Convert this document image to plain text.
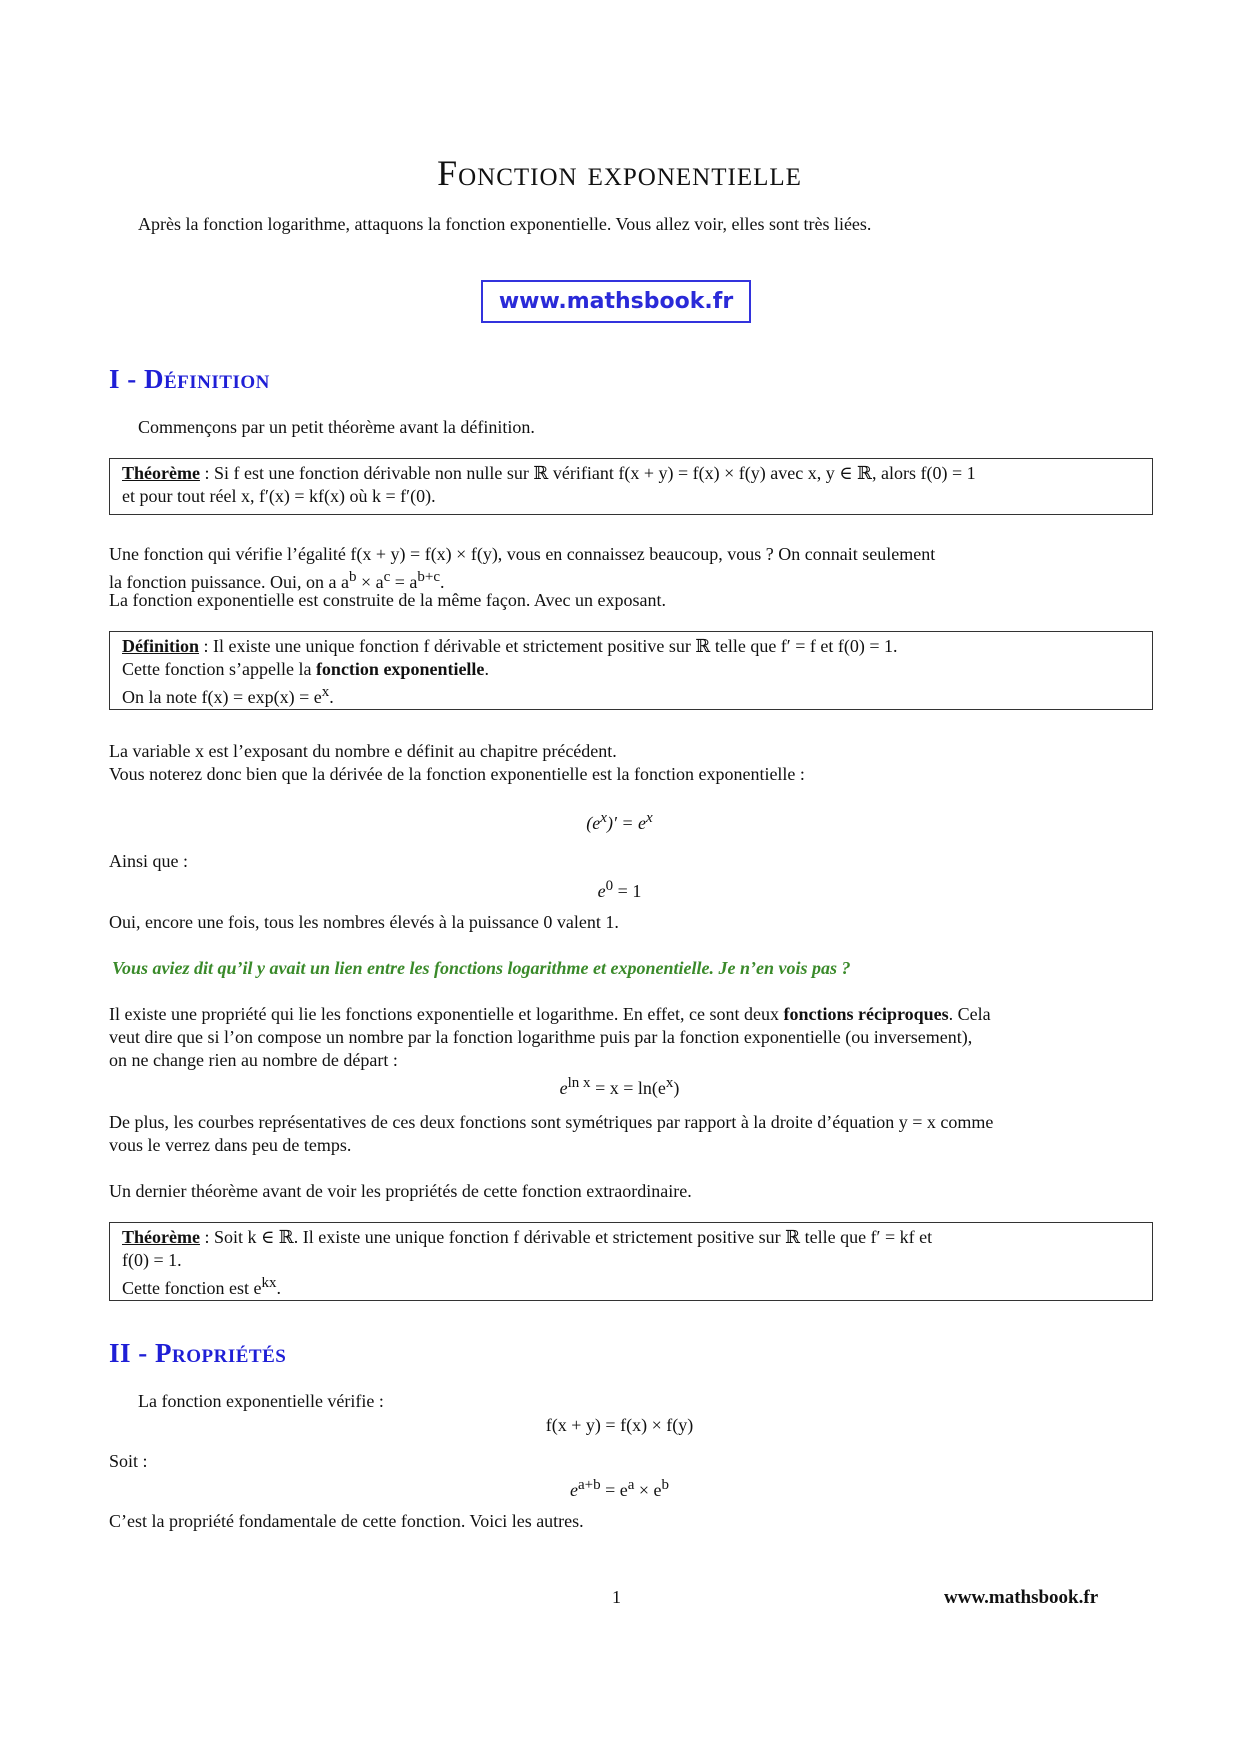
Fonction exponentielle
Après la fonction logarithme, attaquons la fonction exponentielle. Vous allez voir, elles sont très liées.
www.mathsbook.fr
I - Définition
Commençons par un petit théorème avant la définition.
Théorème : Si f est une fonction dérivable non nulle sur ℝ vérifiant f(x + y) = f(x) × f(y) avec x, y ∈ ℝ, alors f(0) = 1
et pour tout réel x, f′(x) = kf(x) où k = f′(0).
Une fonction qui vérifie l’égalité f(x + y) = f(x) × f(y), vous en connaissez beaucoup, vous ? On connait seulement
la fonction puissance. Oui, on a $a^b \times a^c = a^{b+c}$.
La fonction exponentielle est construite de la même façon. Avec un exposant.
Définition : Il existe une unique fonction f dérivable et strictement positive sur ℝ telle que f′ = f et f(0) = 1.
Cette fonction s’appelle la fonction exponentielle.
On la note $f(x) = \exp(x) = e^x$.
La variable x est l’exposant du nombre e définit au chapitre précédent.
Vous noterez donc bien que la dérivée de la fonction exponentielle est la fonction exponentielle :
$(e^x)' = e^x$
Ainsi que :
$e^0 = 1$
Oui, encore une fois, tous les nombres élevés à la puissance 0 valent 1.
Vous aviez dit qu’il y avait un lien entre les fonctions logarithme et exponentielle. Je n’en vois pas ?
Il existe une propriété qui lie les fonctions exponentielle et logarithme. En effet, ce sont deux fonctions réciproques. Cela
veut dire que si l’on compose un nombre par la fonction logarithme puis par la fonction exponentielle (ou inversement),
on ne change rien au nombre de départ :
$e^{ln x} = x = \ln(e^x)$
De plus, les courbes représentatives de ces deux fonctions sont symétriques par rapport à la droite d’équation y = x comme
vous le verrez dans peu de temps.
Un dernier théorème avant de voir les propriétés de cette fonction extraordinaire.
Théorème : Soit k ∈ ℝ. Il existe une unique fonction f dérivable et strictement positive sur ℝ telle que f′ = kf et
f(0) = 1.
Cette fonction est $e^{kx}$.
II - Propriétés
La fonction exponentielle vérifie :
f(x + y) = f(x) × f(y)
Soit :
$e^{a+b} = e^a \times e^b$
C’est la propriété fondamentale de cette fonction. Voici les autres.
1	www.mathsbook.fr
